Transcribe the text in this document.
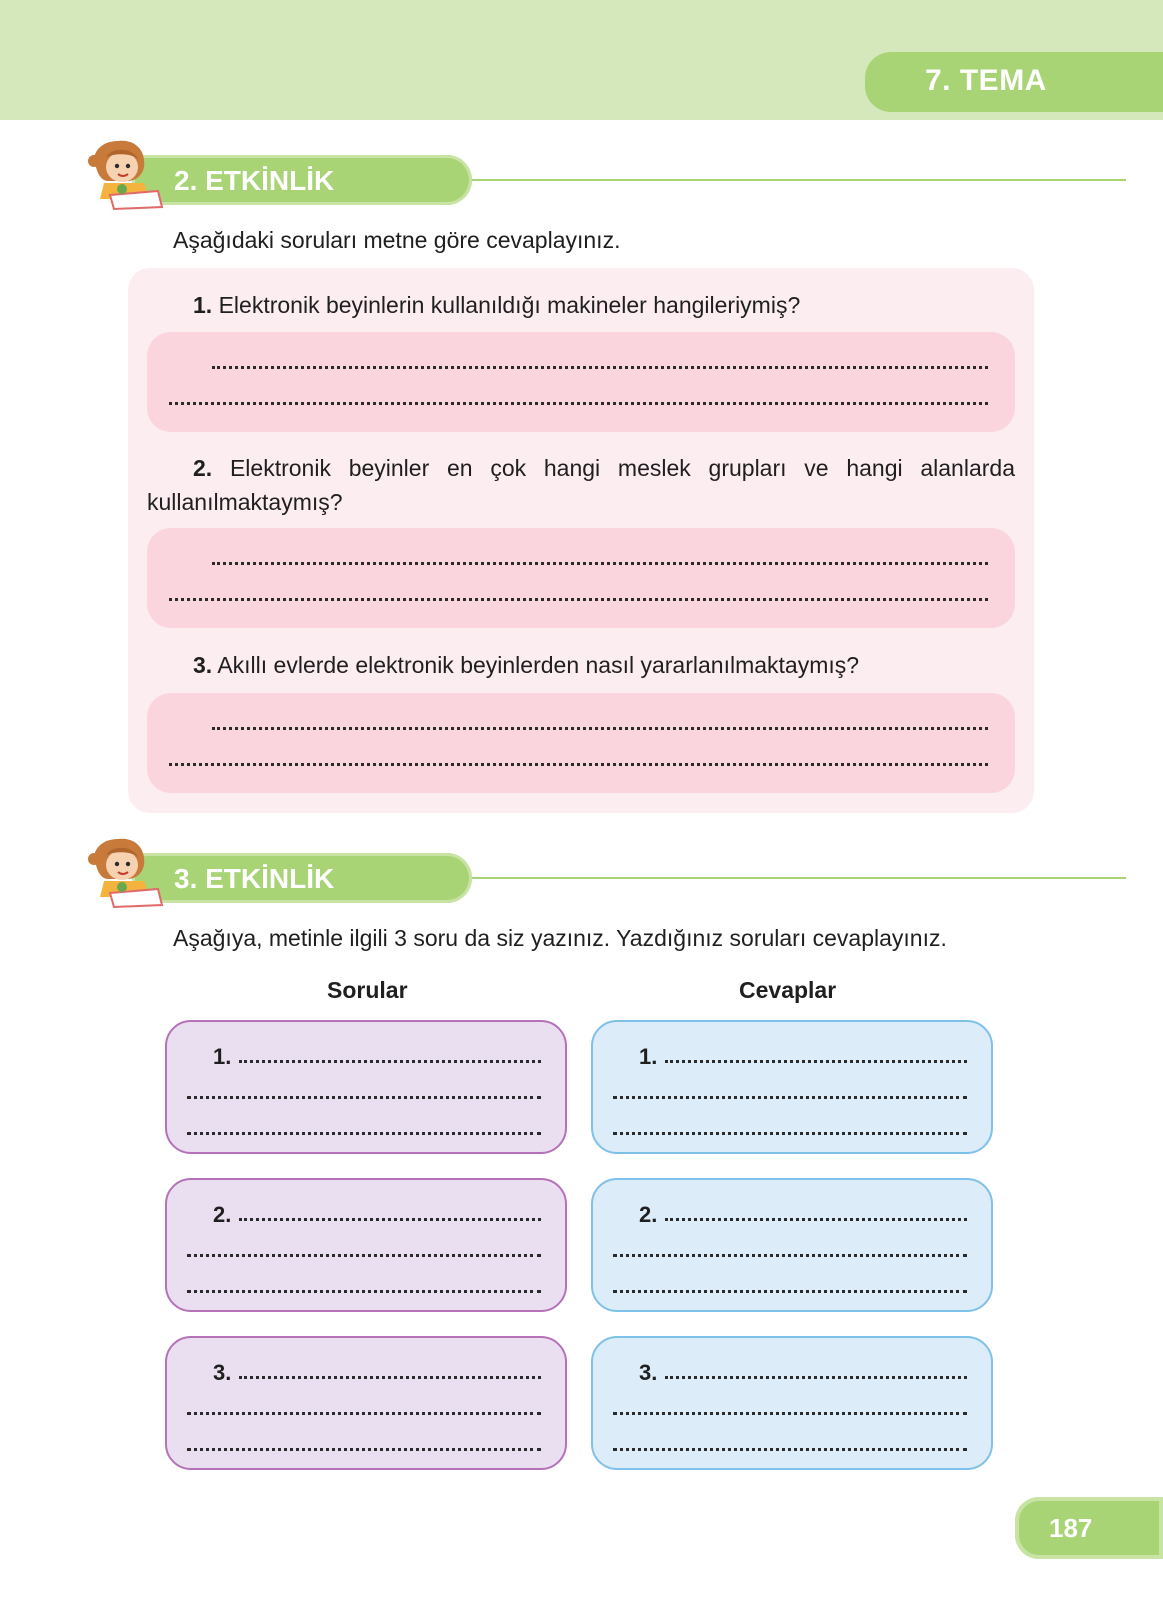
7. TEMA
2. ETKİNLİK
Aşağıdaki soruları metne göre cevaplayınız.
1. Elektronik beyinlerin kullanıldığı makineler hangileriymiş?
2. Elektronik beyinler en çok hangi meslek grupları ve hangi alanlarda kullanılmaktaymış?
3. Akıllı evlerde elektronik beyinlerden nasıl yararlanılmaktaymış?
3. ETKİNLİK
Aşağıya, metinle ilgili 3 soru da siz yazınız. Yazdığınız soruları cevaplayınız.
Sorular	Cevaplar
1.
2.
3.
1.
2.
3.
187
